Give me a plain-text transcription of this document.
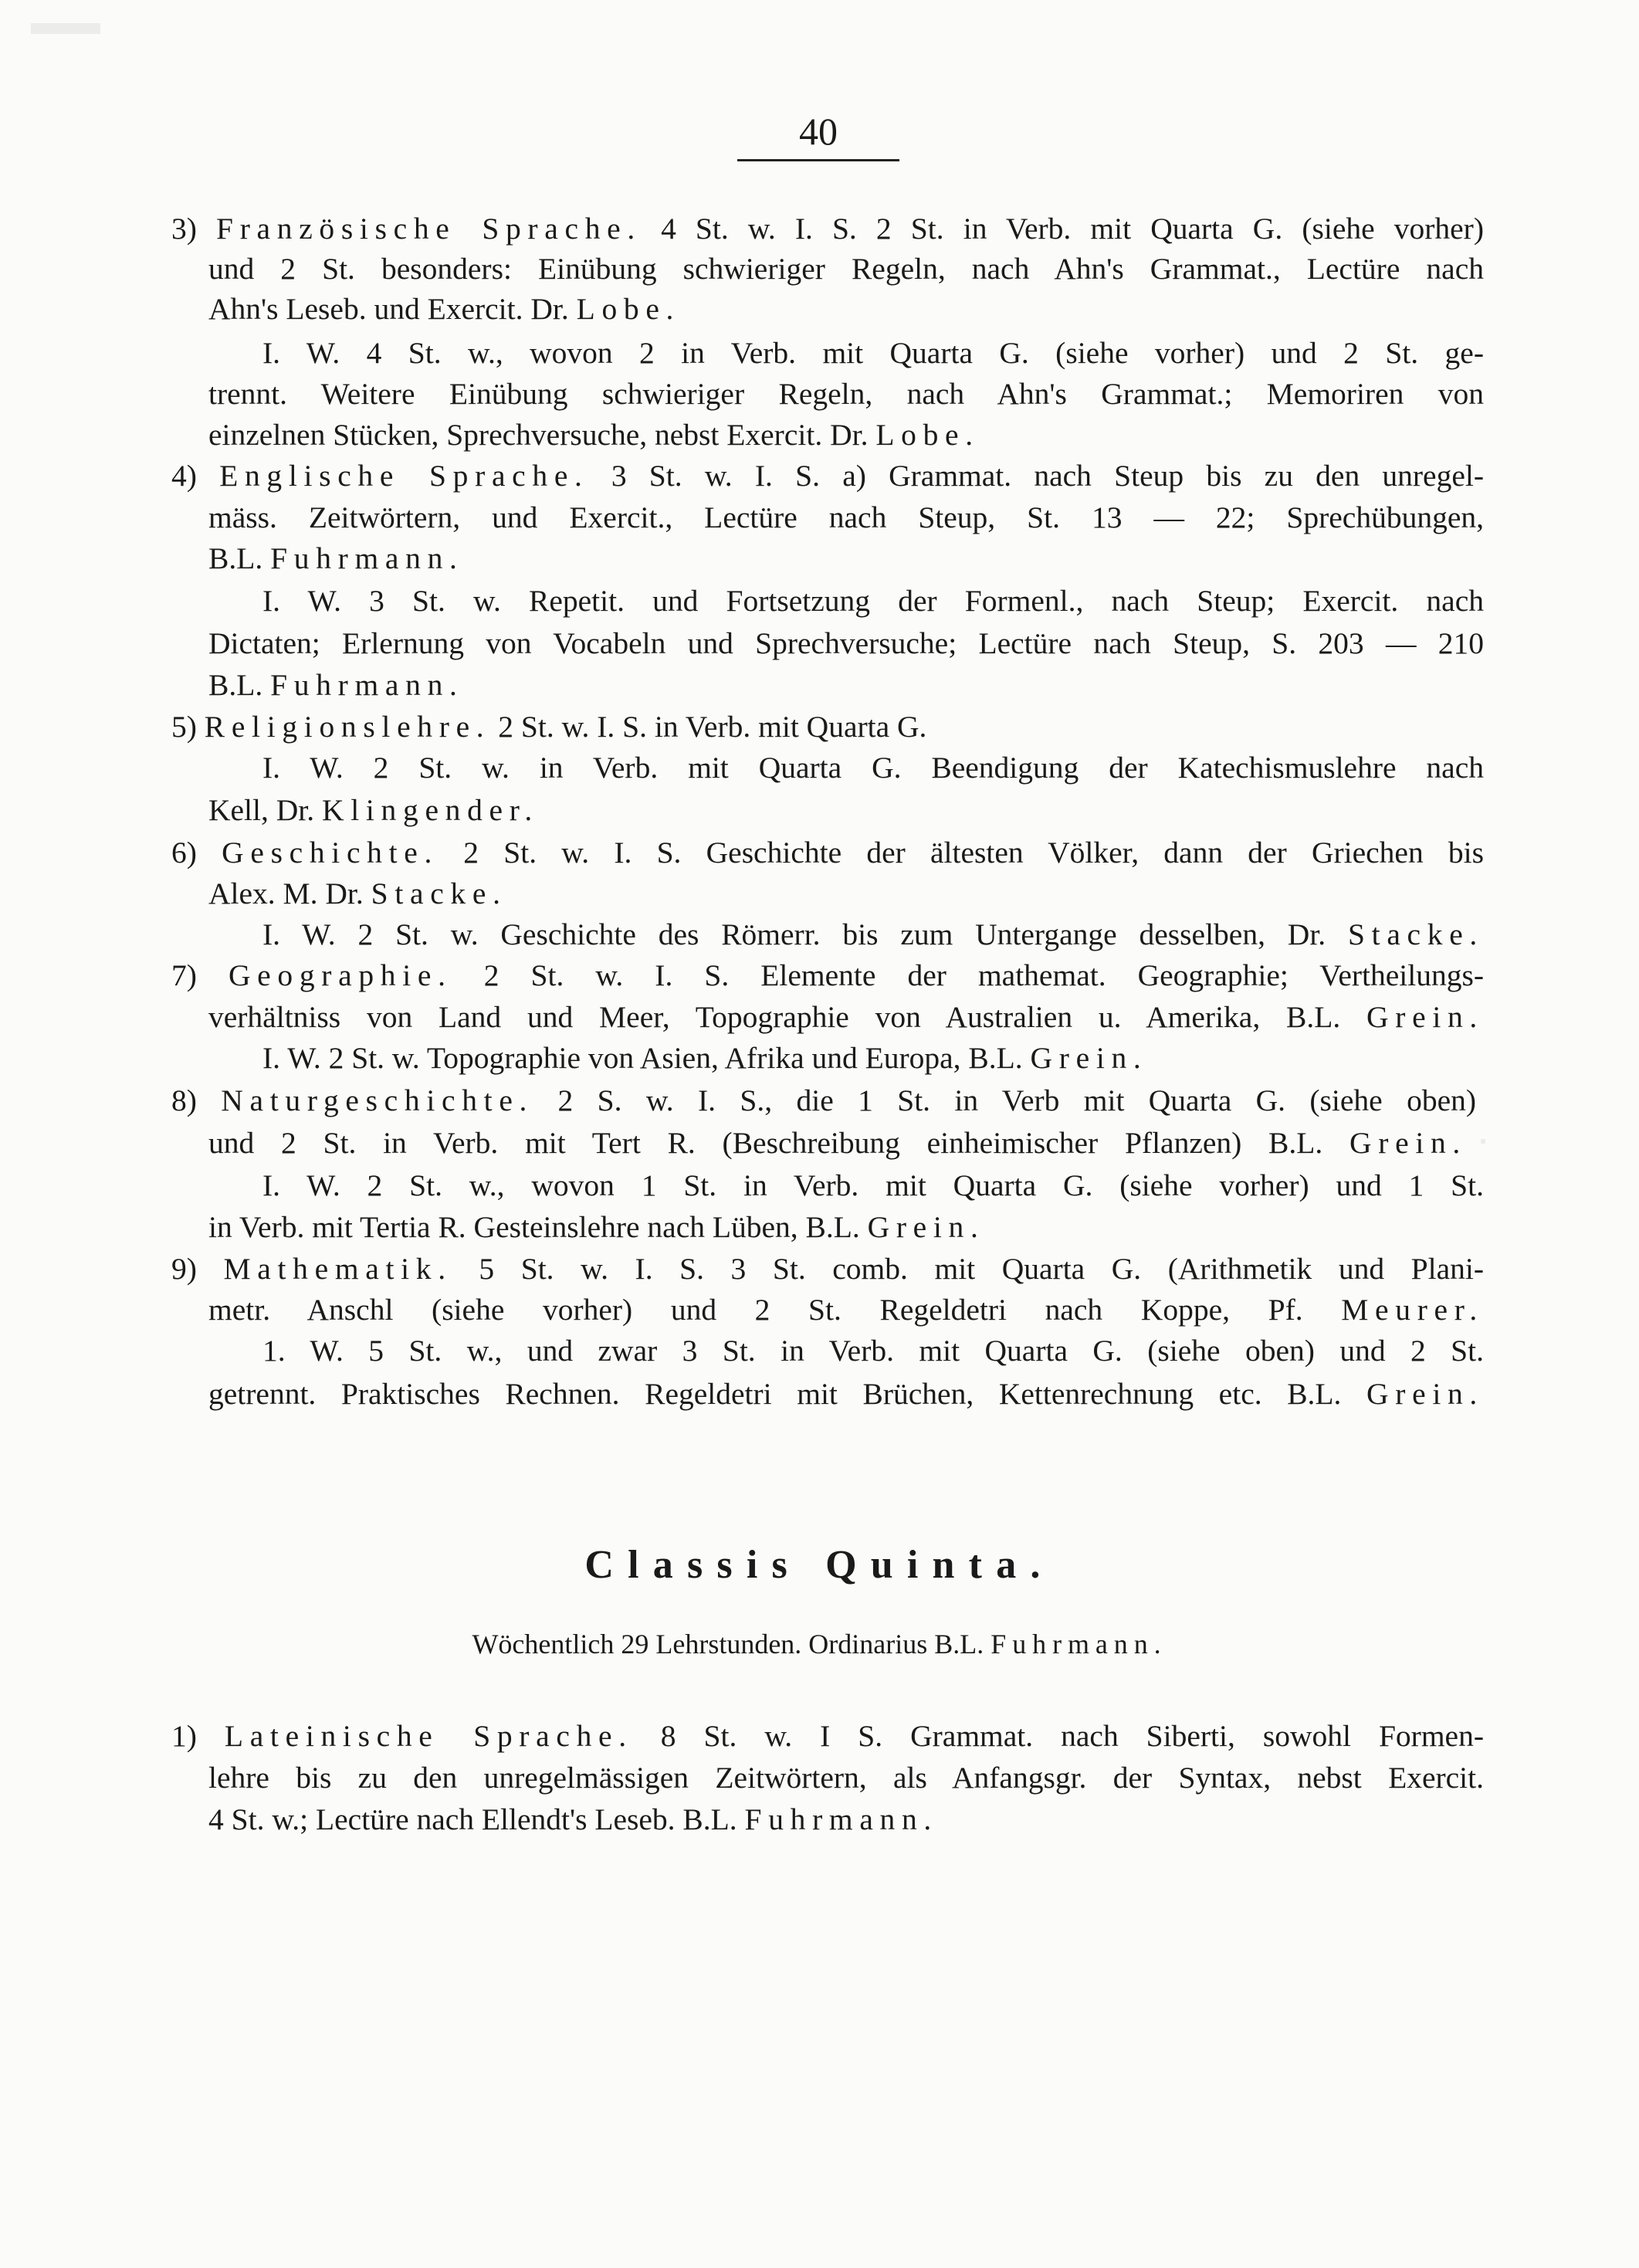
40
3) Französische Sprache. 4 St. w. I. S. 2 St. in Verb. mit Quarta G. (siehe vorher)
und 2 St. besonders: Einübung schwieriger Regeln, nach Ahn's Grammat., Lectüre nach
Ahn's Leseb. und Exercit. Dr. Lobe.
I. W. 4 St. w., wovon 2 in Verb. mit Quarta G. (siehe vorher) und 2 St. ge-
trennt. Weitere Einübung schwieriger Regeln, nach Ahn's Grammat.; Memoriren von
einzelnen Stücken, Sprechversuche, nebst Exercit. Dr. Lobe.
4) Englische Sprache. 3 St. w. I. S. a) Grammat. nach Steup bis zu den unregel-
mäss. Zeitwörtern, und Exercit., Lectüre nach Steup, St. 13 — 22; Sprechübungen,
B.L. Fuhrmann.
I. W. 3 St. w. Repetit. und Fortsetzung der Formenl., nach Steup; Exercit. nach
Dictaten; Erlernung von Vocabeln und Sprechversuche; Lectüre nach Steup, S. 203 — 210
B.L. Fuhrmann.
5) Religionslehre. 2 St. w. I. S. in Verb. mit Quarta G.
I. W. 2 St. w. in Verb. mit Quarta G. Beendigung der Katechismuslehre nach
Kell, Dr. Klingender.
6) Geschichte. 2 St. w. I. S. Geschichte der ältesten Völker, dann der Griechen bis
Alex. M. Dr. Stacke.
I. W. 2 St. w. Geschichte des Römerr. bis zum Untergange desselben, Dr. Stacke.
7) Geographie. 2 St. w. I. S. Elemente der mathemat. Geographie; Vertheilungs-
verhältniss von Land und Meer, Topographie von Australien u. Amerika, B.L. Grein.
I. W. 2 St. w. Topographie von Asien, Afrika und Europa, B.L. Grein.
8) Naturgeschichte. 2 S. w. I. S., die 1 St. in Verb mit Quarta G. (siehe oben)
und 2 St. in Verb. mit Tert R. (Beschreibung einheimischer Pflanzen) B.L. Grein.
I. W. 2 St. w., wovon 1 St. in Verb. mit Quarta G. (siehe vorher) und 1 St.
in Verb. mit Tertia R. Gesteinslehre nach Lüben, B.L. Grein.
9) Mathematik. 5 St. w. I. S. 3 St. comb. mit Quarta G. (Arithmetik und Plani-
metr. Anschl (siehe vorher) und 2 St. Regeldetri nach Koppe, Pf. Meurer.
1. W. 5 St. w., und zwar 3 St. in Verb. mit Quarta G. (siehe oben) und 2 St.
getrennt. Praktisches Rechnen. Regeldetri mit Brüchen, Kettenrechnung etc. B.L. Grein.
Classis Quinta.
Wöchentlich 29 Lehrstunden. Ordinarius B.L. Fuhrmann.
1) Lateinische Sprache. 8 St. w. I S. Grammat. nach Siberti, sowohl Formen-
lehre bis zu den unregelmässigen Zeitwörtern, als Anfangsgr. der Syntax, nebst Exercit.
4 St. w.; Lectüre nach Ellendt's Leseb. B.L. Fuhrmann.
